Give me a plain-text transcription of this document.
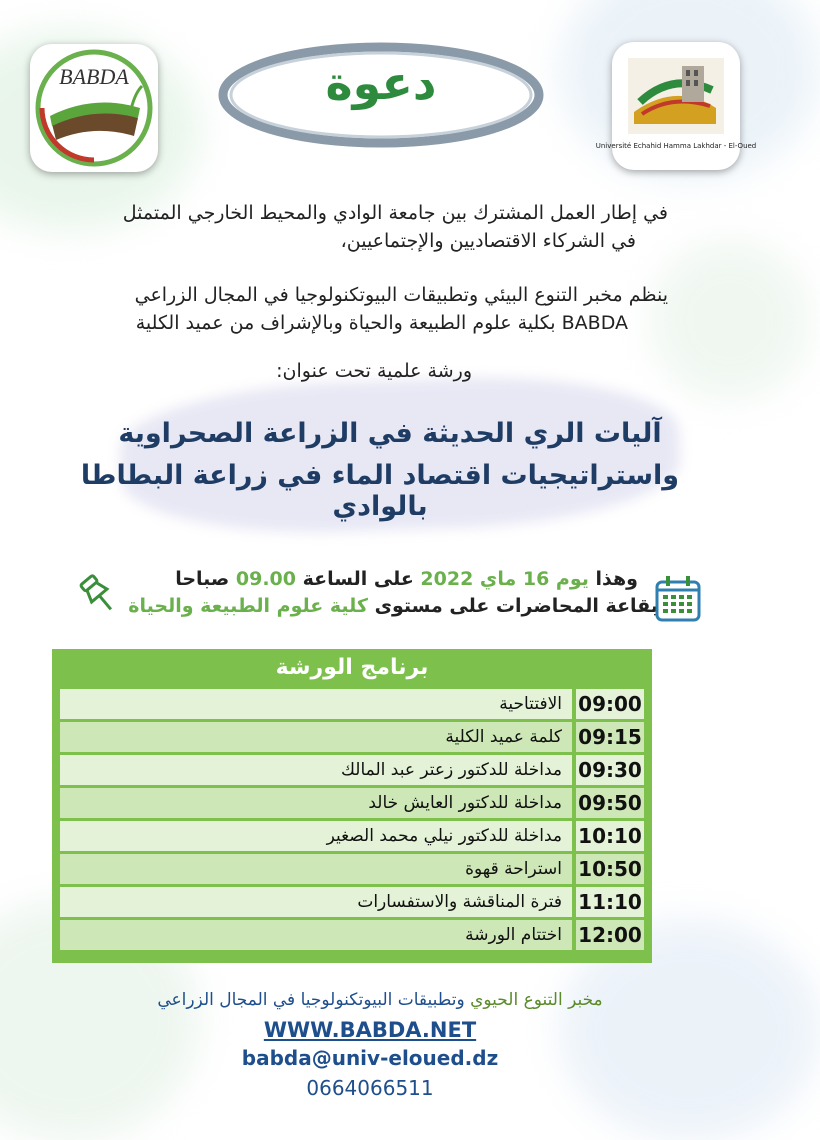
BABDA
Université Echahid Hamma Lakhdar - El-Oued
دعوة
في إطار العمل المشترك بين جامعة الوادي والمحيط الخارجي المتمثل
في الشركاء الاقتصاديين والإجتماعيين،
ينظم مخبر التنوع البيئي وتطبيقات البيوتكنولوجيا في المجال الزراعي
BABDA بكلية علوم الطبيعة والحياة وبالإشراف من عميد الكلية
ورشة علمية تحت عنوان:
آليات الري الحديثة في الزراعة الصحراوية
واستراتيجيات اقتصاد الماء في زراعة البطاطا بالوادي
وهذا يوم 16 ماي 2022 على الساعة 09.00 صباحا
بقاعة المحاضرات على مستوى كلية علوم الطبيعة والحياة
برنامج الورشة
الافتتاحية 09:00
كلمة عميد الكلية 09:15
مداخلة للدكتور زعتر عبد المالك 09:30
مداخلة للدكتور العايش خالد 09:50
مداخلة للدكتور نيلي محمد الصغير 10:10
استراحة قهوة 10:50
فترة المناقشة والاستفسارات 11:10
اختتام الورشة 12:00
مخبر التنوع الحيوي وتطبيقات البيوتكنولوجيا في المجال الزراعي
WWW.BABDA.NET
babda@univ-eloued.dz
0664066511
